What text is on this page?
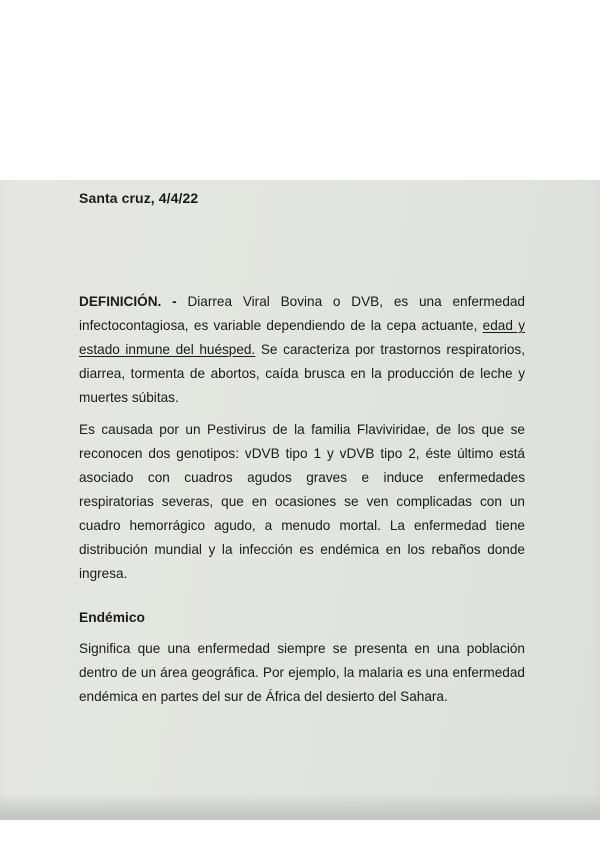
Santa cruz, 4/4/22

DEFINICIÓN. - Diarrea Viral Bovina o DVB, es una enfermedad infectocontagiosa, es variable dependiendo de la cepa actuante, edad y estado inmune del huésped. Se caracteriza por trastornos respiratorios, diarrea, tormenta de abortos, caída brusca en la producción de leche y muertes súbitas.

Es causada por un Pestivirus de la familia Flaviviridae, de los que se reconocen dos genotipos: vDVB tipo 1 y vDVB tipo 2, éste último está asociado con cuadros agudos graves e induce enfermedades respiratorias severas, que en ocasiones se ven complicadas con un cuadro hemorrágico agudo, a menudo mortal. La enfermedad tiene distribución mundial y la infección es endémica en los rebaños donde ingresa.

Endémico

Significa que una enfermedad siempre se presenta en una población dentro de un área geográfica. Por ejemplo, la malaria es una enfermedad endémica en partes del sur de África del desierto del Sahara.
